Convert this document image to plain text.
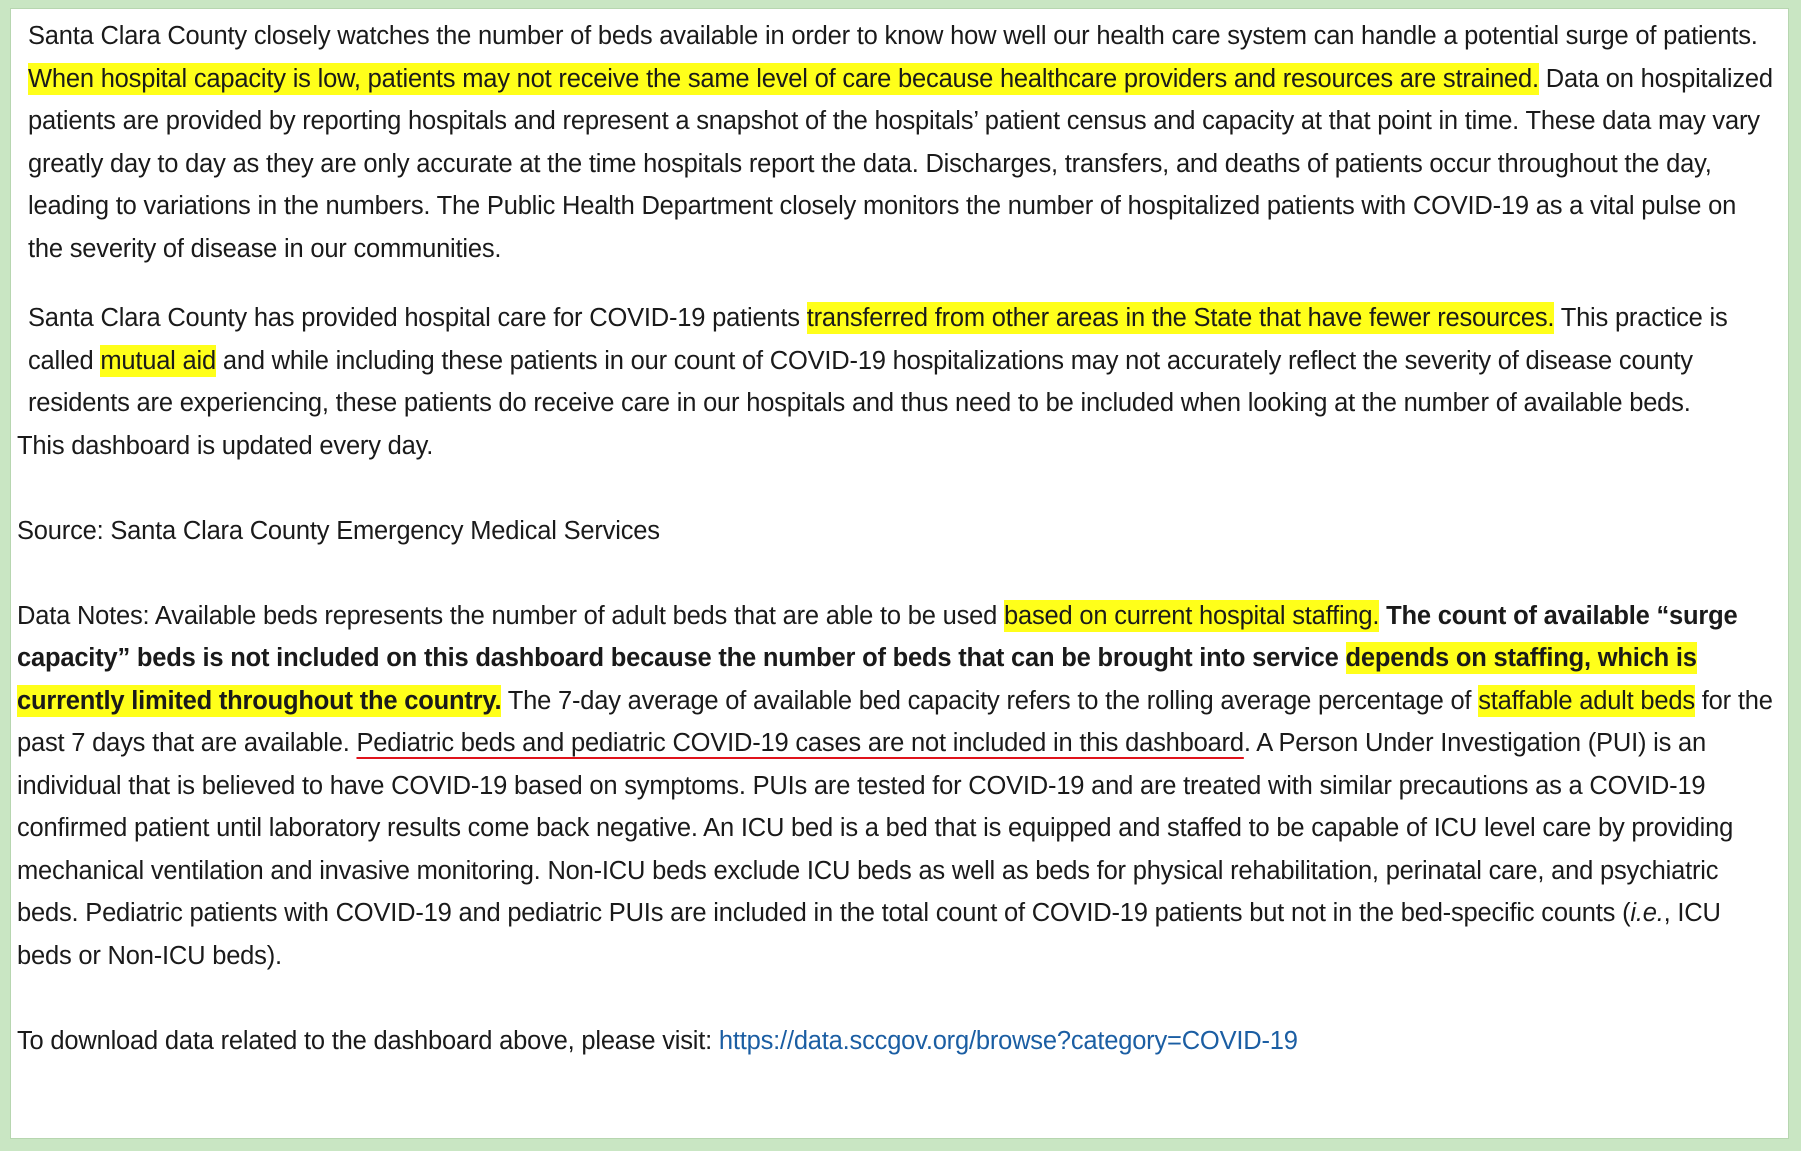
Santa Clara County closely watches the number of beds available in order to know how well our health care system can handle a potential surge of patients. When hospital capacity is low, patients may not receive the same level of care because healthcare providers and resources are strained. Data on hospitalized patients are provided by reporting hospitals and represent a snapshot of the hospitals’ patient census and capacity at that point in time. These data may vary greatly day to day as they are only accurate at the time hospitals report the data. Discharges, transfers, and deaths of patients occur throughout the day, leading to variations in the numbers. The Public Health Department closely monitors the number of hospitalized patients with COVID-19 as a vital pulse on the severity of disease in our communities.

Santa Clara County has provided hospital care for COVID-19 patients transferred from other areas in the State that have fewer resources. This practice is called mutual aid and while including these patients in our count of COVID-19 hospitalizations may not accurately reflect the severity of disease county residents are experiencing, these patients do receive care in our hospitals and thus need to be included when looking at the number of available beds.

This dashboard is updated every day.

Source: Santa Clara County Emergency Medical Services

Data Notes: Available beds represents the number of adult beds that are able to be used based on current hospital staffing. The count of available “surge capacity” beds is not included on this dashboard because the number of beds that can be brought into service depends on staffing, which is currently limited throughout the country. The 7-day average of available bed capacity refers to the rolling average percentage of staffable adult beds for the past 7 days that are available. Pediatric beds and pediatric COVID-19 cases are not included in this dashboard. A Person Under Investigation (PUI) is an individual that is believed to have COVID-19 based on symptoms. PUIs are tested for COVID-19 and are treated with similar precautions as a COVID-19 confirmed patient until laboratory results come back negative. An ICU bed is a bed that is equipped and staffed to be capable of ICU level care by providing mechanical ventilation and invasive monitoring. Non-ICU beds exclude ICU beds as well as beds for physical rehabilitation, perinatal care, and psychiatric beds. Pediatric patients with COVID-19 and pediatric PUIs are included in the total count of COVID-19 patients but not in the bed-specific counts (i.e., ICU beds or Non-ICU beds).

To download data related to the dashboard above, please visit: https://data.sccgov.org/browse?category=COVID-19
